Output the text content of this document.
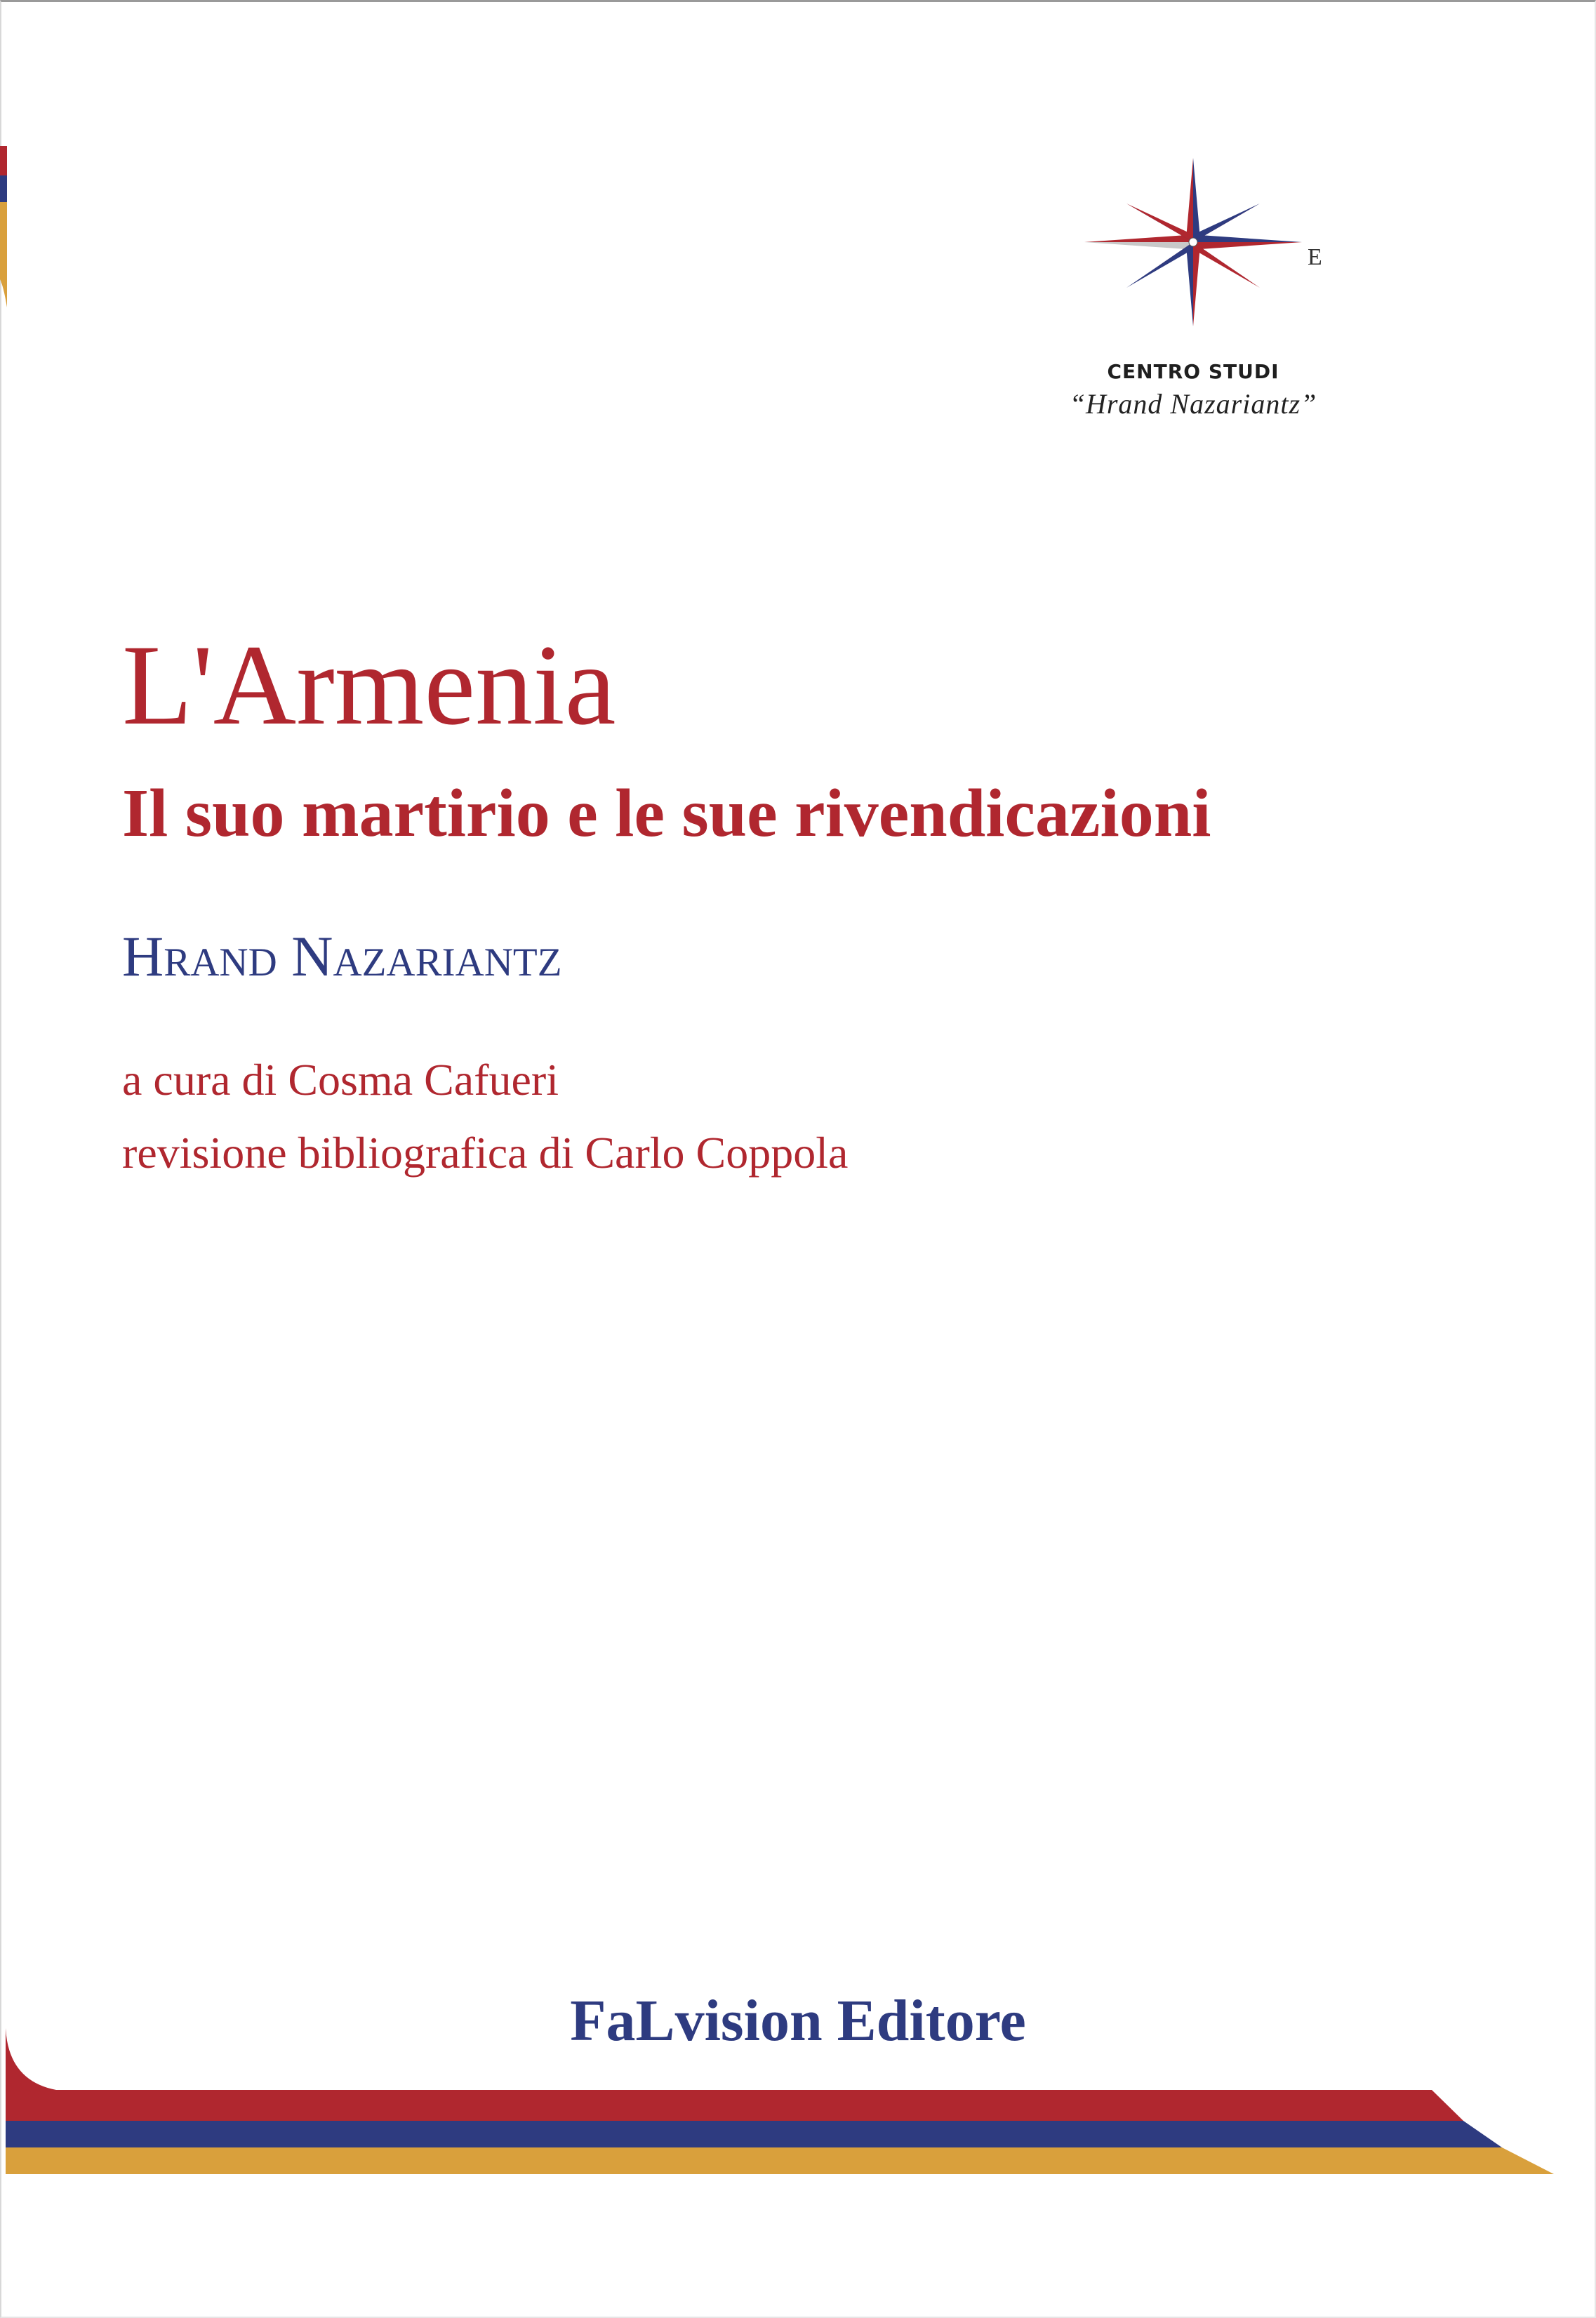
E
CENTRO STUDI
“Hrand Nazariantz”
L'Armenia
Il suo martirio e le sue rivendicazioni
Hrand Nazariantz
a cura di Cosma Cafueri
revisione bibliografica di Carlo Coppola
FaLvision Editore
